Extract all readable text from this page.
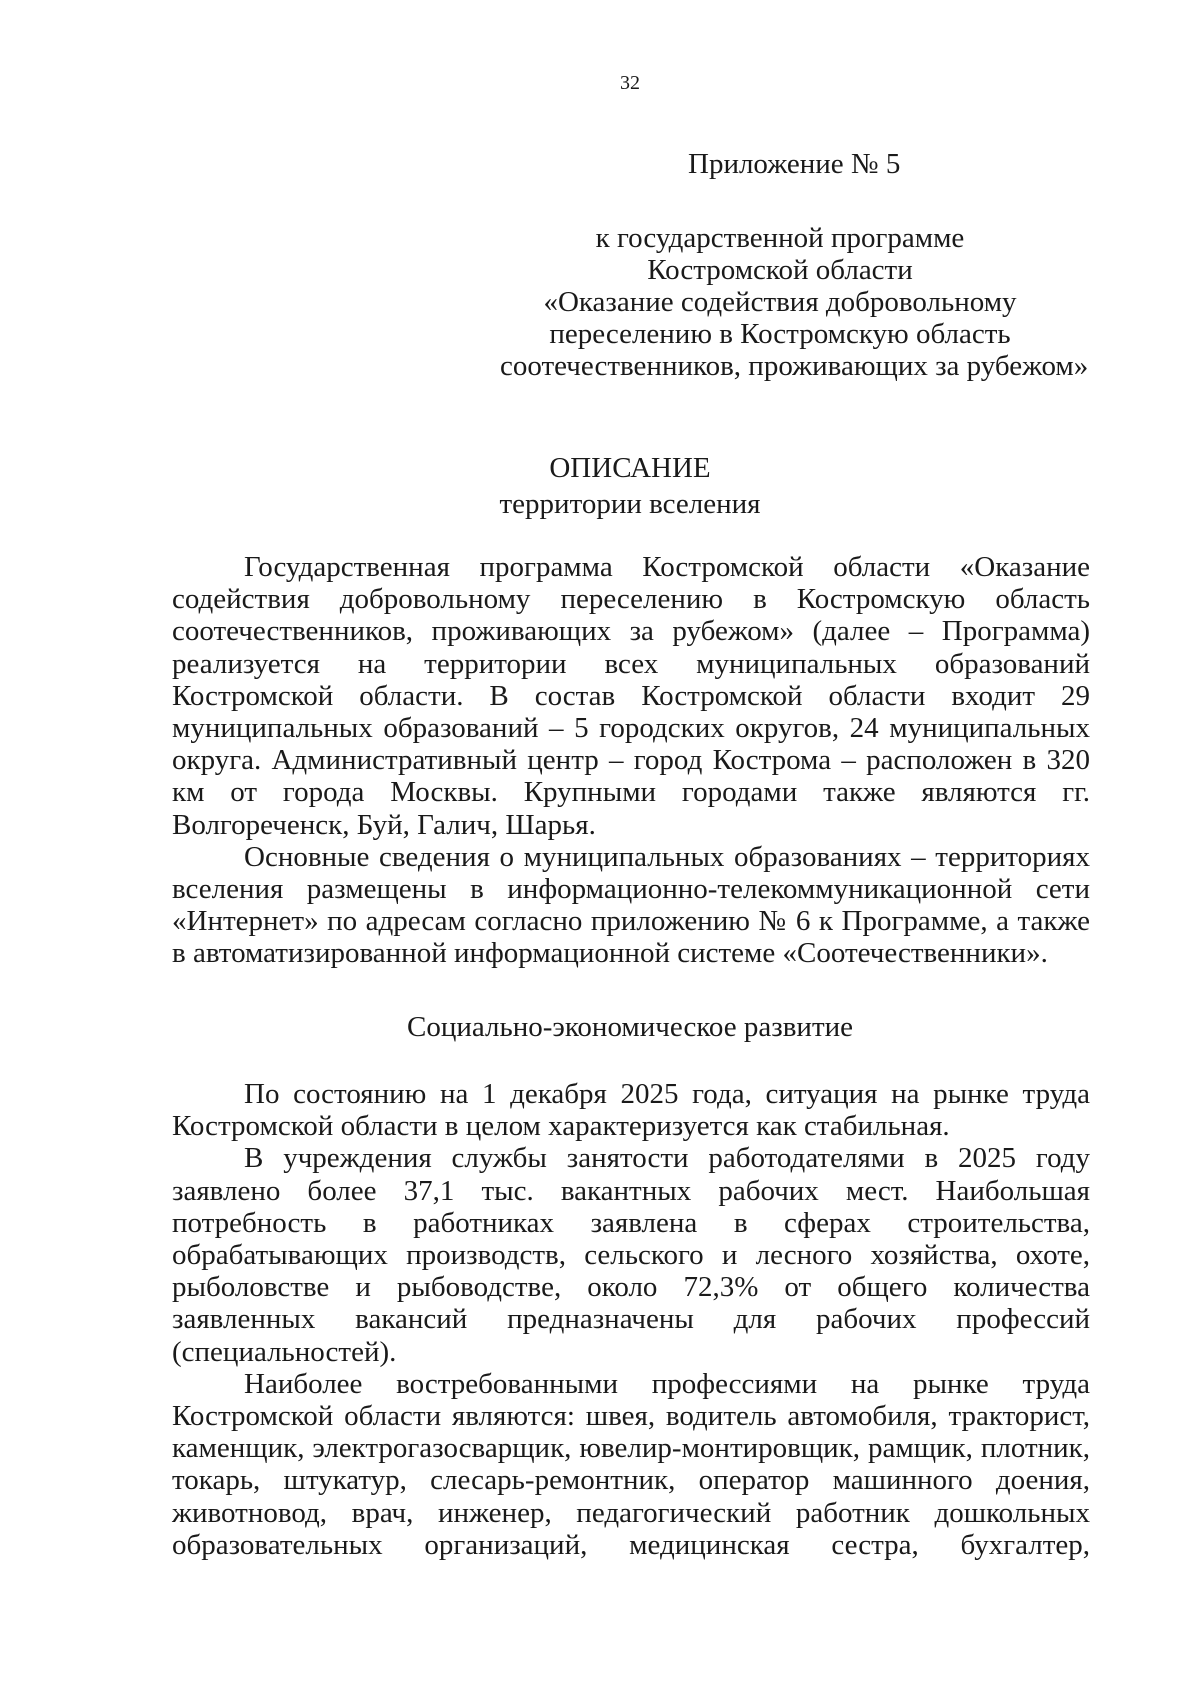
32
Приложение № 5
к государственной программе
Костромской области
«Оказание содействия добровольному
переселению в Костромскую область
соотечественников, проживающих за рубежом»
ОПИСАНИЕ
территории вселения

Государственная программа Костромской области «Оказание содействия добровольному переселению в Костромскую область соотечественников, проживающих за рубежом» (далее – Программа) реализуется на территории всех муниципальных образований Костромской области. В состав Костромской области входит 29 муниципальных образований – 5 городских округов, 24 муниципальных округа. Административный центр – город Кострома – расположен в 320 км от города Москвы. Крупными городами также являются гг. Волгореченск, Буй, Галич, Шарья.

Основные сведения о муниципальных образованиях – территориях вселения размещены в информационно-телекоммуникационной сети «Интернет» по адресам согласно приложению № 6 к Программе, а также в автоматизированной информационной системе «Соотечественники».

Социально-экономическое развитие

По состоянию на 1 декабря 2025 года, ситуация на рынке труда Костромской области в целом характеризуется как стабильная.

В учреждения службы занятости работодателями в 2025 году заявлено более 37,1 тыс. вакантных рабочих мест. Наибольшая потребность в работниках заявлена в сферах строительства, обрабатывающих производств, сельского и лесного хозяйства, охоте, рыболовстве и рыбоводстве, около 72,3% от общего количества заявленных вакансий предназначены для рабочих профессий (специальностей).

Наиболее востребованными профессиями на рынке труда Костромской области являются: швея, водитель автомобиля, тракторист, каменщик, электрогазосварщик, ювелир-монтировщик, рамщик, плотник, токарь, штукатур, слесарь-ремонтник, оператор машинного доения, животновод, врач, инженер, педагогический работник дошкольных образовательных организаций, медицинская сестра, бухгалтер,
